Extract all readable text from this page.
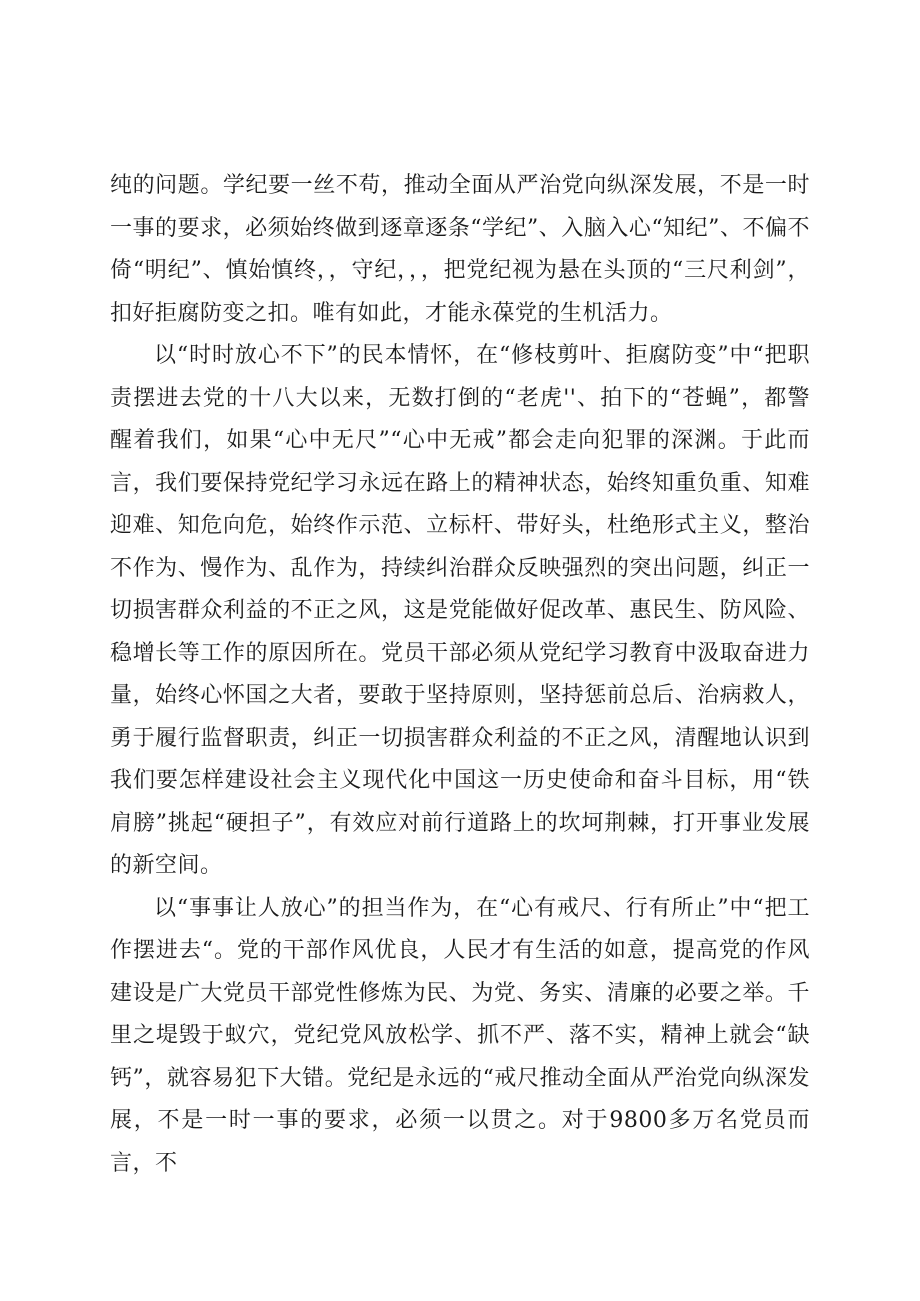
纯的问题。学纪要一丝不苟，推动全面从严治党向纵深发展，不是一时一事的要求，必须始终做到逐章逐条“学纪”、入脑入心“知纪”、不偏不倚“明纪”、慎始慎终，，守纪，，，把党纪视为悬在头顶的“三尺利剑”，扣好拒腐防变之扣。唯有如此，才能永葆党的生机活力。

以“时时放心不下”的民本情怀，在“修枝剪叶、拒腐防变”中“把职责摆进去党的十八大以来，无数打倒的“老虎''、拍下的“苍蝇”，都警醒着我们，如果“心中无尺”“心中无戒”都会走向犯罪的深渊。于此而言，我们要保持党纪学习永远在路上的精神状态，始终知重负重、知难迎难、知危向危，始终作示范、立标杆、带好头，杜绝形式主义，整治不作为、慢作为、乱作为，持续纠治群众反映强烈的突出问题，纠正一切损害群众利益的不正之风，这是党能做好促改革、惠民生、防风险、稳增长等工作的原因所在。党员干部必须从党纪学习教育中汲取奋进力量，始终心怀国之大者，要敢于坚持原则，坚持惩前总后、治病救人，勇于履行监督职责，纠正一切损害群众利益的不正之风，清醒地认识到我们要怎样建设社会主义现代化中国这一历史使命和奋斗目标，用“铁肩膀”挑起“硬担子”，有效应对前行道路上的坎坷荆棘，打开事业发展的新空间。

以“事事让人放心”的担当作为，在“心有戒尺、行有所止”中“把工作摆进去“。党的干部作风优良，人民才有生活的如意，提高党的作风建设是广大党员干部党性修炼为民、为党、务实、清廉的必要之举。千里之堤毁于蚁穴，党纪党风放松学、抓不严、落不实，精神上就会“缺钙”，就容易犯下大错。党纪是永远的“戒尺推动全面从严治党向纵深发展，不是一时一事的要求，必须一以贯之。对于9800多万名党员而言，不
